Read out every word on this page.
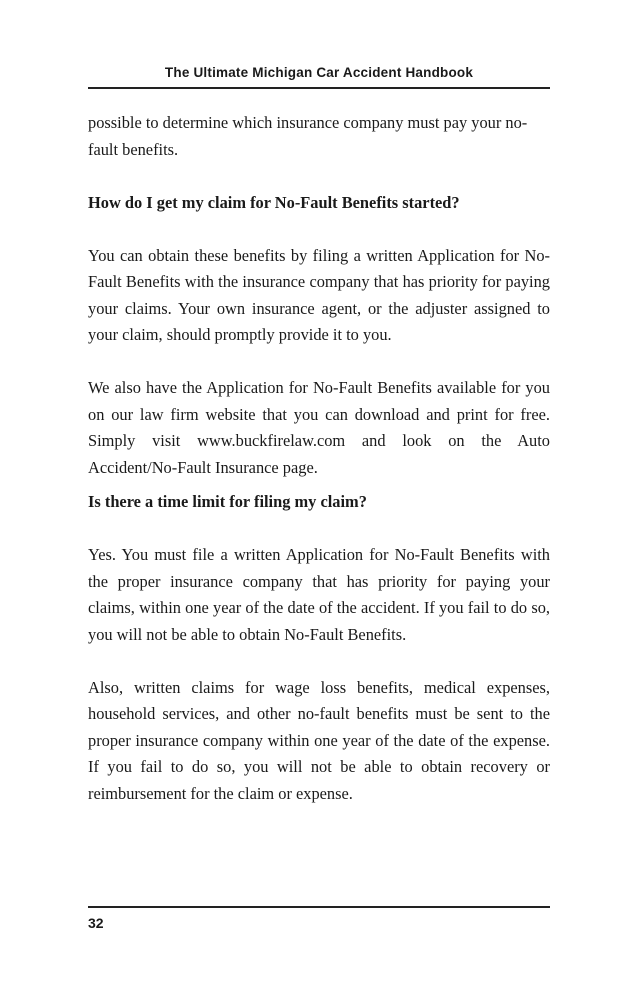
The Ultimate Michigan Car Accident Handbook

possible to determine which insurance company must pay your no-fault benefits.

How do I get my claim for No-Fault Benefits started?

You can obtain these benefits by filing a written Application for No-Fault Benefits with the insurance company that has priority for paying your claims. Your own insurance agent, or the adjuster assigned to your claim, should promptly provide it to you.

We also have the Application for No-Fault Benefits available for you on our law firm website that you can download and print for free. Simply visit www.buckfirelaw.com and look on the Auto Accident/No-Fault Insurance page.

Is there a time limit for filing my claim?

Yes. You must file a written Application for No-Fault Benefits with the proper insurance company that has priority for paying your claims, within one year of the date of the accident. If you fail to do so, you will not be able to obtain No-Fault Benefits.

Also, written claims for wage loss benefits, medical expenses, household services, and other no-fault benefits must be sent to the proper insurance company within one year of the date of the expense. If you fail to do so, you will not be able to obtain recovery or reimbursement for the claim or expense.

32
